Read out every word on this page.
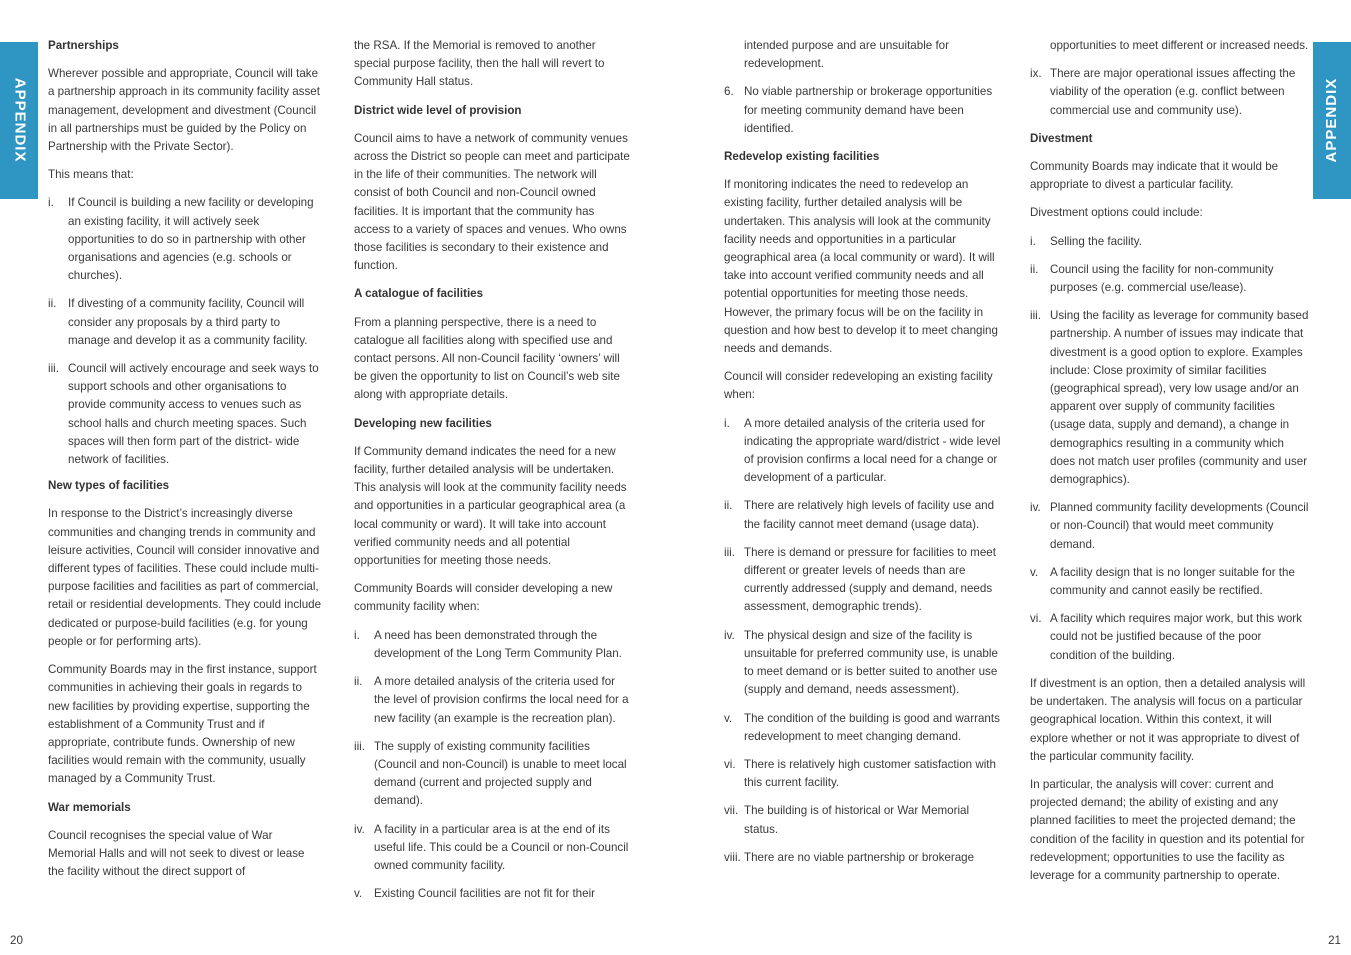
APPENDIX	APPENDIX
Partnerships

Wherever possible and appropriate, Council will take a partnership approach in its community facility asset management, development and divestment (Council in all partnerships must be guided by the Policy on Partnership with the Private Sector).

This means that:

i.	If Council is building a new facility or developing an existing facility, it will actively seek opportunities to do so in partnership with other organisations and agencies (e.g. schools or churches).
ii.	If divesting of a community facility, Council will consider any proposals by a third party to manage and develop it as a community facility.
iii. Council will actively encourage and seek ways to support schools and other organisations to provide community access to venues such as school halls and church meeting spaces. Such spaces will then form part of the district- wide network of facilities.
New types of facilities

In response to the District’s increasingly diverse communities and changing trends in community and leisure activities, Council will consider innovative and different types of facilities. These could include multi-purpose facilities and facilities as part of commercial, retail or residential developments. They could include dedicated or purpose-build facilities (e.g. for young people or for performing arts).

Community Boards may in the first instance, support communities in achieving their goals in regards to new facilities by providing expertise, supporting the establishment of a Community Trust and if appropriate, contribute funds. Ownership of new facilities would remain with the community, usually managed by a Community Trust.

War memorials

Council recognises the special value of War Memorial Halls and will not seek to divest or lease the facility without the direct support of

the RSA. If the Memorial is removed to another special purpose facility, then the hall will revert to Community Hall status.

District wide level of provision

Council aims to have a network of community venues across the District so people can meet and participate in the life of their communities. The network will consist of both Council and non-Council owned facilities. It is important that the community has access to a variety of spaces and venues. Who owns those facilities is secondary to their existence and function.

A catalogue of facilities

From a planning perspective, there is a need to catalogue all facilities along with specified use and contact persons. All non-Council facility ‘owners’ will be given the opportunity to list on Council’s web site along with appropriate details.

Developing new facilities

If Community demand indicates the need for a new facility, further detailed analysis will be undertaken. This analysis will look at the community facility needs and opportunities in a particular geographical area (a local community or ward). It will take into account verified community needs and all potential opportunities for meeting those needs.

Community Boards will consider developing a new community facility when:

i.	A need has been demonstrated through the development of the Long Term Community Plan.
ii.	A more detailed analysis of the criteria used for the level of provision confirms the local need for a new facility (an example is the recreation plan).
iii. The supply of existing community facilities (Council and non-Council) is unable to meet local demand (current and projected supply and demand).
iv. A facility in a particular area is at the end of its useful life. This could be a Council or non-Council owned community facility.
v.	Existing Council facilities are not fit for their

intended purpose and are unsuitable for redevelopment.

6. No viable partnership or brokerage opportunities for meeting community demand have been identified.
Redevelop existing facilities

If monitoring indicates the need to redevelop an existing facility, further detailed analysis will be undertaken. This analysis will look at the community facility needs and opportunities in a particular geographical area (a local community or ward). It will take into account verified community needs and all potential opportunities for meeting those needs. However, the primary focus will be on the facility in question and how best to develop it to meet changing needs and demands.

Council will consider redeveloping an existing facility when:

i.	A more detailed analysis of the criteria used for indicating the appropriate ward/district - wide level of provision confirms a local need for a change or development of a particular.
ii.	There are relatively high levels of facility use and the facility cannot meet demand (usage data).
iii. There is demand or pressure for facilities to meet different or greater levels of needs than are currently addressed (supply and demand, needs assessment, demographic trends).
iv. The physical design and size of the facility is unsuitable for preferred community use, is unable to meet demand or is better suited to another use (supply and demand, needs assessment).
v.	The condition of the building is good and warrants redevelopment to meet changing demand.
vi. There is relatively high customer satisfaction with this current facility.
vii. The building is of historical or War Memorial status.
viii. There are no viable partnership or brokerage

opportunities to meet different or increased needs.

ix. There are major operational issues affecting the viability of the operation (e.g. conflict between commercial use and community use).
Divestment

Community Boards may indicate that it would be appropriate to divest a particular facility.

Divestment options could include:

i.	Selling the facility.
ii.	Council using the facility for non-community purposes (e.g. commercial use/lease).
iii. Using the facility as leverage for community based partnership. A number of issues may indicate that divestment is a good option to explore. Examples include: Close proximity of similar facilities (geographical spread), very low usage and/or an apparent over supply of community facilities (usage data, supply and demand), a change in demographics resulting in a community which does not match user profiles (community and user demographics).
iv. Planned community facility developments (Council or non-Council) that would meet community demand.
v.	A facility design that is no longer suitable for the community and cannot easily be rectified.
vi. A facility which requires major work, but this work could not be justified because of the poor condition of the building.

If divestment is an option, then a detailed analysis will be undertaken. The analysis will focus on a particular geographical location. Within this context, it will explore whether or not it was appropriate to divest of the particular community facility.

In particular, the analysis will cover: current and projected demand; the ability of existing and any planned facilities to meet the projected demand; the condition of the facility in question and its potential for redevelopment; opportunities to use the facility as leverage for a community partnership to operate.

20	21
